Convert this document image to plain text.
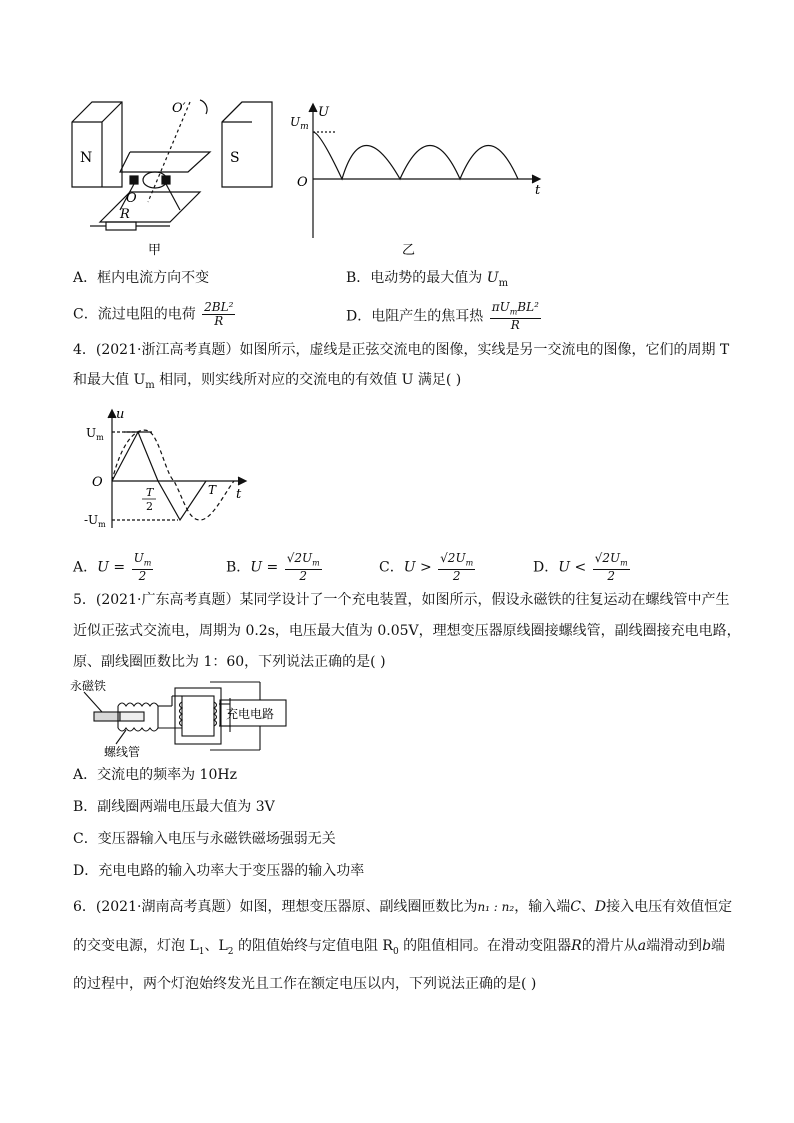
N	S
O′
O
R
甲
U
$U_m$
O
t
乙
A．框内电流方向不变	B．电动势的最大值为 $U_m$
C．流过电阻的电荷 $\frac{\text{2BL²}}{R}$	D．电阻产生的焦耳热 $\frac{\pi U_mBL^2}{R}$
4．(2021·浙江高考真题）如图所示，虚线是正弦交流电的图像，实线是另一交流电的图像，它们的周期 T
和最大值 $U_m$ 相同，则实线所对应的交流电的有效值 U 满足( )
u
$U_m$
O
$-U_m$
T
2
T t
A．$U = \frac{U_m}{2}$	B．$U = \frac{√2U_m}{2}$	C．$U > \frac{√2U_m}{2}$	D．$U < \frac{√2U_m}{2}$
5．(2021·广东高考真题）某同学设计了一个充电装置，如图所示，假设永磁铁的往复运动在螺线管中产生
近似正弦式交流电，周期为 0.2s，电压最大值为 0.05V，理想变压器原线圈接螺线管，副线圈接充电电路，
原、副线圈匝数比为 1：60，下列说法正确的是( )
永磁铁
螺线管
充电电路
A．交流电的频率为 10Hz
B．副线圈两端电压最大值为 3V
C．变压器输入电压与永磁铁磁场强弱无关
D．充电电路的输入功率大于变压器的输入功率
6．(2021·湖南高考真题）如图，理想变压器原、副线圈匝数比为n₁ : n₂，输入端C、D接入电压有效值恒定
的交变电源，灯泡 $L_1$、$L_2$ 的阻值始终与定值电阻 $R_0$ 的阻值相同。在滑动变阻器R的滑片从a端滑动到b端
的过程中，两个灯泡始终发光且工作在额定电压以内，下列说法正确的是( )
